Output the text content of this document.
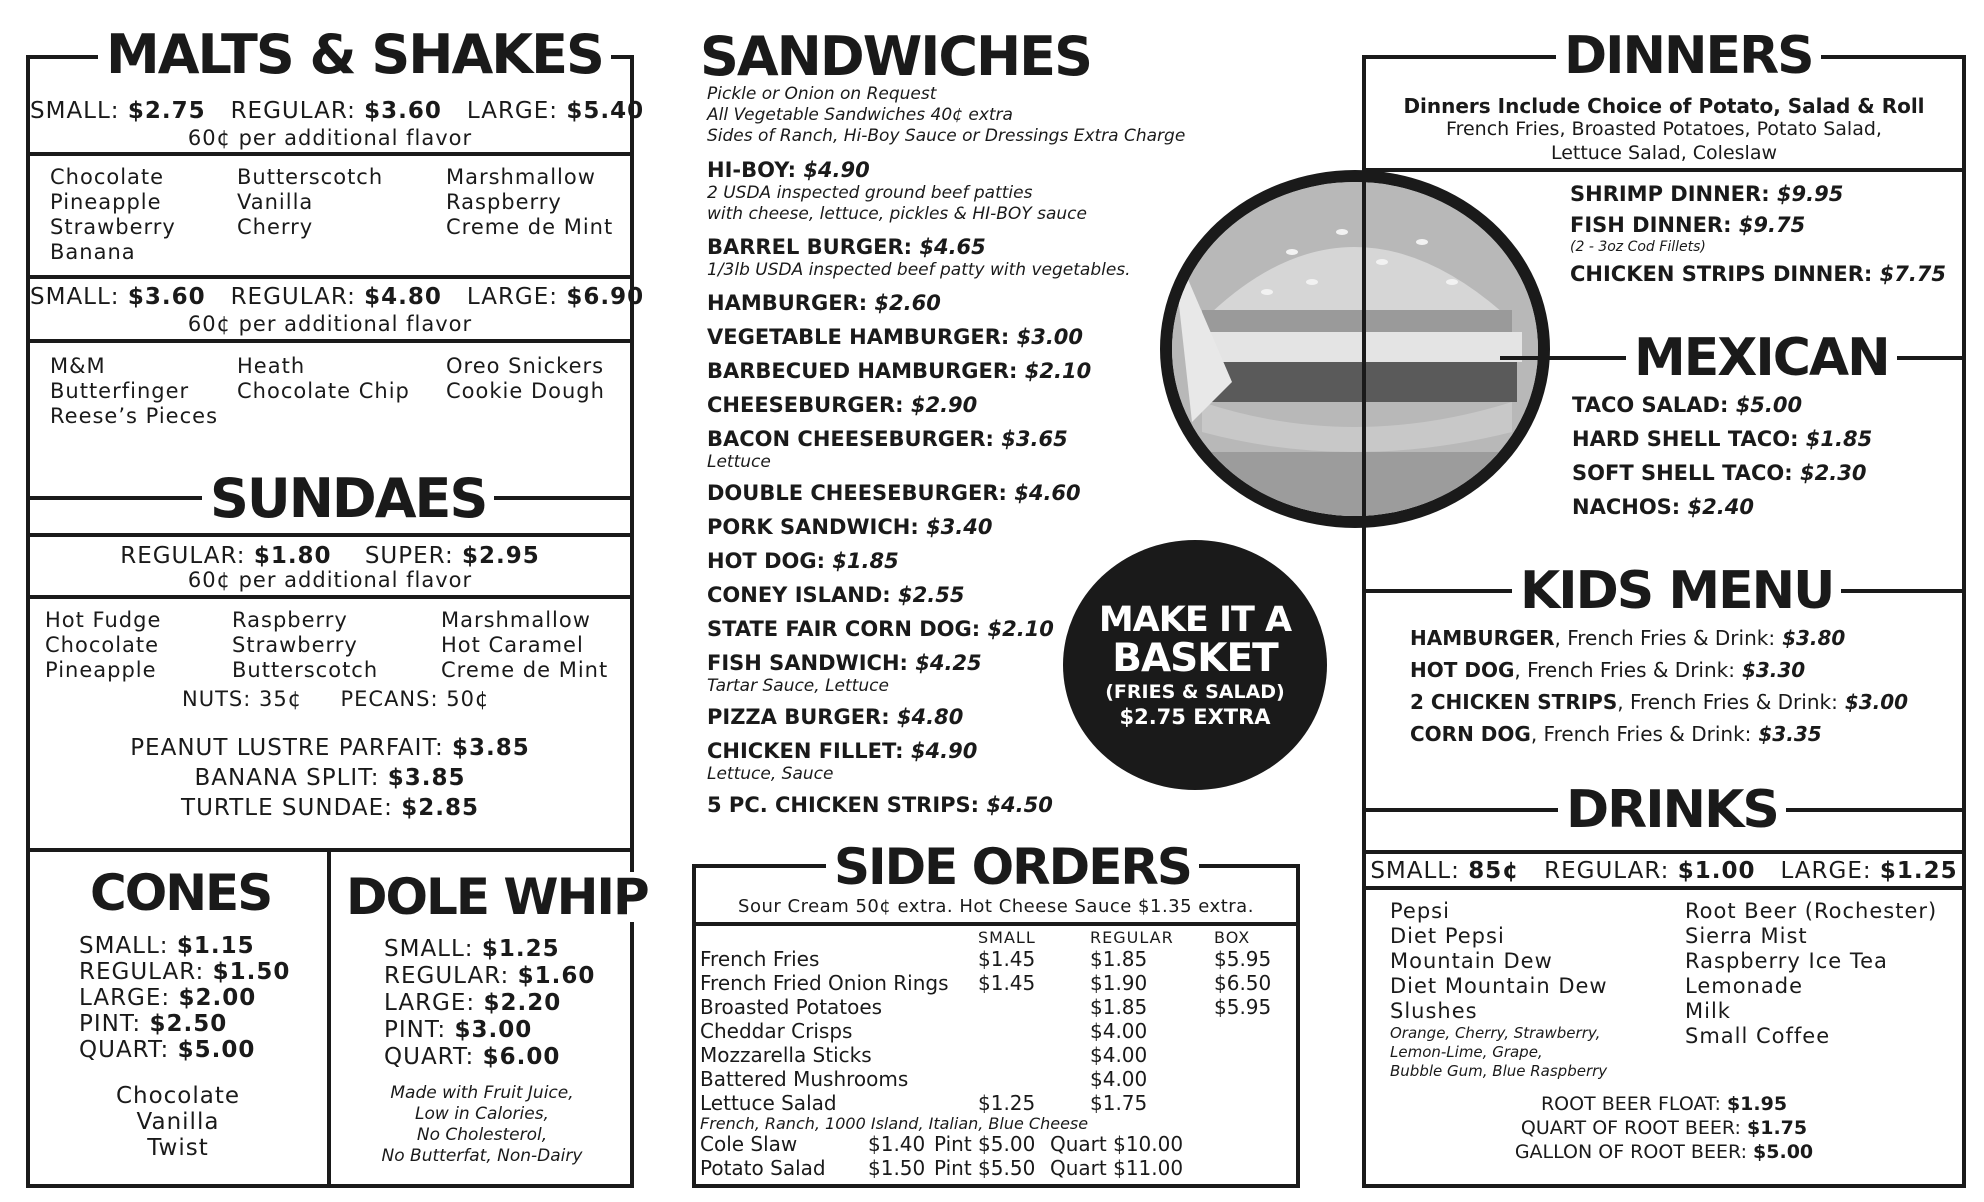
MALTS & SHAKES
SMALL: $2.75 REGULAR: $3.60 LARGE: $5.40
60¢ per additional flavor
Chocolate
Pineapple
Strawberry
Banana
Butterscotch
Vanilla
Cherry
Marshmallow
Raspberry
Creme de Mint
SMALL: $3.60 REGULAR: $4.80 LARGE: $6.90
60¢ per additional flavor
M&M
Butterfinger
Reese’s Pieces
Heath
Chocolate Chip
Oreo Snickers
Cookie Dough
SUNDAES
REGULAR: $1.80 SUPER: $2.95
60¢ per additional flavor
Hot Fudge
Chocolate
Pineapple
Raspberry
Strawberry
Butterscotch
Marshmallow
Hot Caramel
Creme de Mint
NUTS: 35¢ PECANS: 50¢
PEANUT LUSTRE PARFAIT: $3.85
BANANA SPLIT: $3.85
TURTLE SUNDAE: $2.85
CONES
SMALL: $1.15
REGULAR: $1.50
LARGE: $2.00
PINT: $2.50
QUART: $5.00
Chocolate
Vanilla
Twist
DOLE WHIP
SMALL: $1.25
REGULAR: $1.60
LARGE: $2.20
PINT: $3.00
QUART: $6.00
Made with Fruit Juice,
Low in Calories,
No Cholesterol,
No Butterfat, Non-Dairy
SANDWICHES
Pickle or Onion on Request
All Vegetable Sandwiches 40¢ extra
Sides of Ranch, Hi-Boy Sauce or Dressings Extra Charge
HI-BOY: $4.90
2 USDA inspected ground beef patties
with cheese, lettuce, pickles & HI-BOY sauce
BARREL BURGER: $4.65
1/3lb USDA inspected beef patty with vegetables.
HAMBURGER: $2.60
VEGETABLE HAMBURGER: $3.00
BARBECUED HAMBURGER: $2.10
CHEESEBURGER: $2.90
BACON CHEESEBURGER: $3.65
Lettuce
DOUBLE CHEESEBURGER: $4.60
PORK SANDWICH: $3.40
HOT DOG: $1.85
CONEY ISLAND: $2.55
STATE FAIR CORN DOG: $2.10
FISH SANDWICH: $4.25
Tartar Sauce, Lettuce
PIZZA BURGER: $4.80
CHICKEN FILLET: $4.90
Lettuce, Sauce
5 PC. CHICKEN STRIPS: $4.50
MAKE IT A
BASKET
(FRIES & SALAD)
$2.75 EXTRA
SIDE ORDERS
Sour Cream 50¢ extra. Hot Cheese Sauce $1.35 extra.
	SMALL	REGULAR	BOX
French Fries	$1.45	$1.85	$5.95
French Fried Onion Rings	$1.45	$1.90	$6.50
Broasted Potatoes		$1.85	$5.95
Cheddar Crisps		$4.00	
Mozzarella Sticks		$4.00	
Battered Mushrooms		$4.00	
Lettuce Salad	$1.25	$1.75	
French, Ranch, 1000 Island, Italian, Blue Cheese			
Cole Slaw	$1.40 Pint $5.00 Quart $10.00
Potato Salad $1.50 Pint $5.50 Quart $11.00
DINNERS
Dinners Include Choice of Potato, Salad & Roll
French Fries, Broasted Potatoes, Potato Salad,
Lettuce Salad, Coleslaw
SHRIMP DINNER: $9.95
FISH DINNER: $9.75
(2 - 3oz Cod Fillets)
CHICKEN STRIPS DINNER: $7.75
MEXICAN
TACO SALAD: $5.00
HARD SHELL TACO: $1.85
SOFT SHELL TACO: $2.30
NACHOS: $2.40
KIDS MENU
HAMBURGER, French Fries & Drink: $3.80
HOT DOG, French Fries & Drink: $3.30
2 CHICKEN STRIPS, French Fries & Drink: $3.00
CORN DOG, French Fries & Drink: $3.35
DRINKS
SMALL: 85¢ REGULAR: $1.00 LARGE: $1.25
Pepsi
Diet Pepsi
Mountain Dew
Diet Mountain Dew
Slushes
Orange, Cherry, Strawberry,
Lemon-Lime, Grape,
Bubble Gum, Blue Raspberry
Root Beer (Rochester)
Sierra Mist
Raspberry Ice Tea
Lemonade
Milk
Small Coffee
ROOT BEER FLOAT: $1.95
QUART OF ROOT BEER: $1.75
GALLON OF ROOT BEER: $5.00
